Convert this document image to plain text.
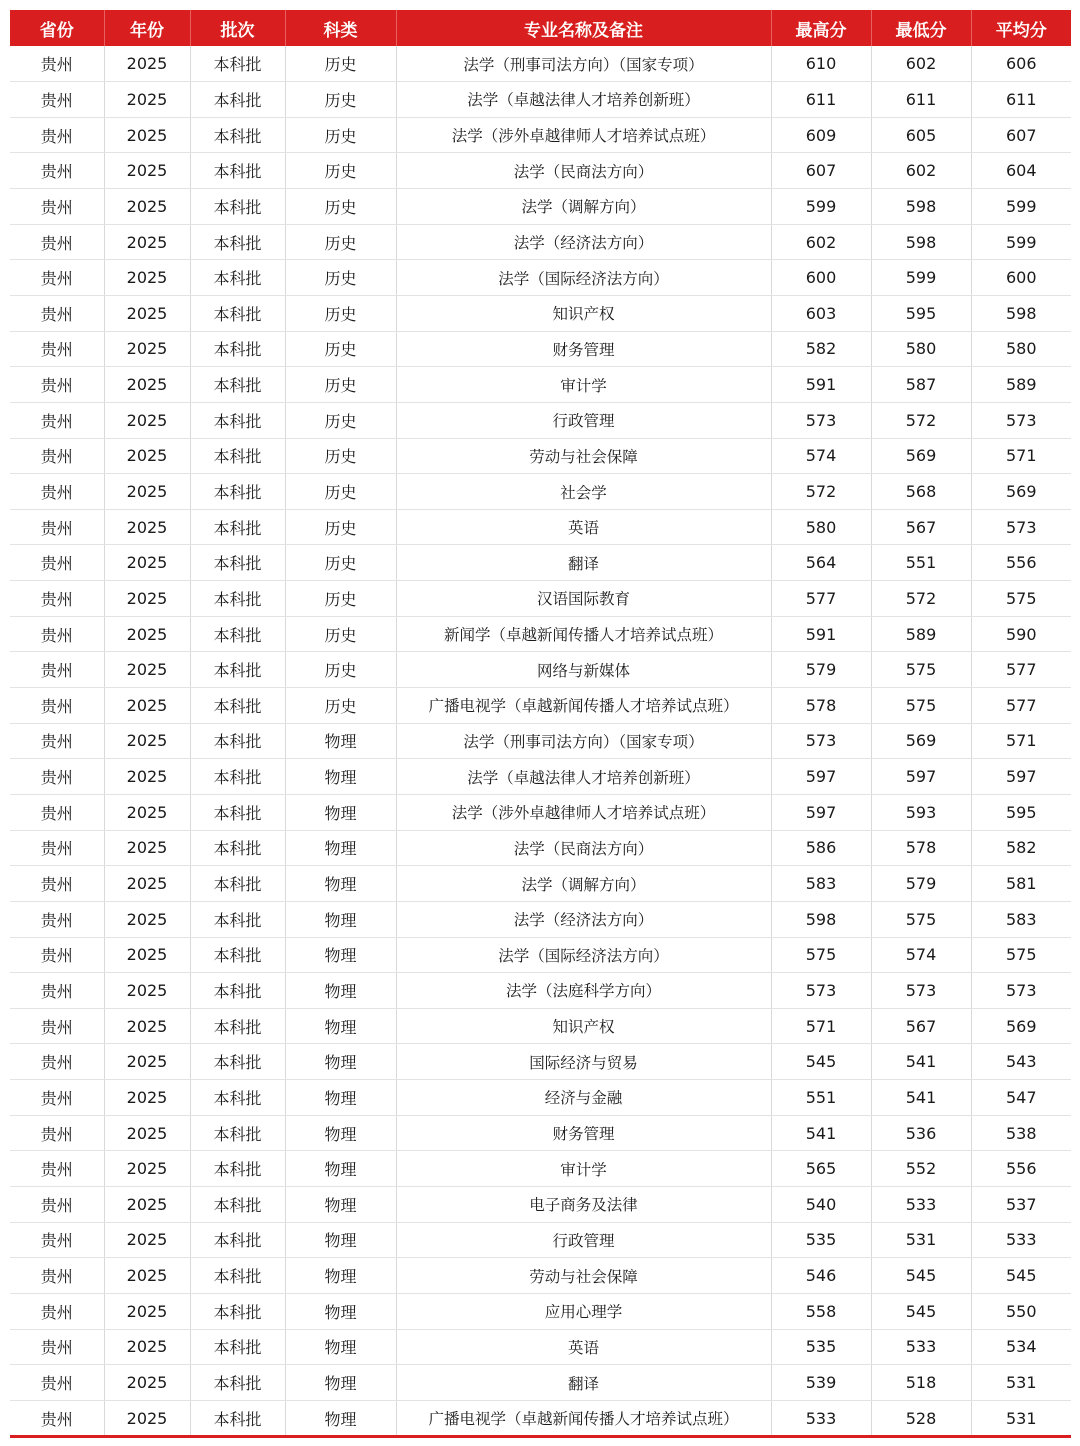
省份	年份	批次	科类	专业名称及备注	最高分	最低分	平均分
贵州	2025	本科批	历史	法学（刑事司法方向）（国家专项）	610	602	606
贵州	2025	本科批	历史	法学（卓越法律人才培养创新班）	611	611	611
贵州	2025	本科批	历史	法学（涉外卓越律师人才培养试点班）	609	605	607
贵州	2025	本科批	历史	法学（民商法方向）	607	602	604
贵州	2025	本科批	历史	法学（调解方向）	599	598	599
贵州	2025	本科批	历史	法学（经济法方向）	602	598	599
贵州	2025	本科批	历史	法学（国际经济法方向）	600	599	600
贵州	2025	本科批	历史	知识产权	603	595	598
贵州	2025	本科批	历史	财务管理	582	580	580
贵州	2025	本科批	历史	审计学	591	587	589
贵州	2025	本科批	历史	行政管理	573	572	573
贵州	2025	本科批	历史	劳动与社会保障	574	569	571
贵州	2025	本科批	历史	社会学	572	568	569
贵州	2025	本科批	历史	英语	580	567	573
贵州	2025	本科批	历史	翻译	564	551	556
贵州	2025	本科批	历史	汉语国际教育	577	572	575
贵州	2025	本科批	历史	新闻学（卓越新闻传播人才培养试点班）	591	589	590
贵州	2025	本科批	历史	网络与新媒体	579	575	577
贵州	2025	本科批	历史	广播电视学（卓越新闻传播人才培养试点班）	578	575	577
贵州	2025	本科批	物理	法学（刑事司法方向）（国家专项）	573	569	571
贵州	2025	本科批	物理	法学（卓越法律人才培养创新班）	597	597	597
贵州	2025	本科批	物理	法学（涉外卓越律师人才培养试点班）	597	593	595
贵州	2025	本科批	物理	法学（民商法方向）	586	578	582
贵州	2025	本科批	物理	法学（调解方向）	583	579	581
贵州	2025	本科批	物理	法学（经济法方向）	598	575	583
贵州	2025	本科批	物理	法学（国际经济法方向）	575	574	575
贵州	2025	本科批	物理	法学（法庭科学方向）	573	573	573
贵州	2025	本科批	物理	知识产权	571	567	569
贵州	2025	本科批	物理	国际经济与贸易	545	541	543
贵州	2025	本科批	物理	经济与金融	551	541	547
贵州	2025	本科批	物理	财务管理	541	536	538
贵州	2025	本科批	物理	审计学	565	552	556
贵州	2025	本科批	物理	电子商务及法律	540	533	537
贵州	2025	本科批	物理	行政管理	535	531	533
贵州	2025	本科批	物理	劳动与社会保障	546	545	545
贵州	2025	本科批	物理	应用心理学	558	545	550
贵州	2025	本科批	物理	英语	535	533	534
贵州	2025	本科批	物理	翻译	539	518	531
贵州	2025	本科批	物理	广播电视学（卓越新闻传播人才培养试点班）	533	528	531
